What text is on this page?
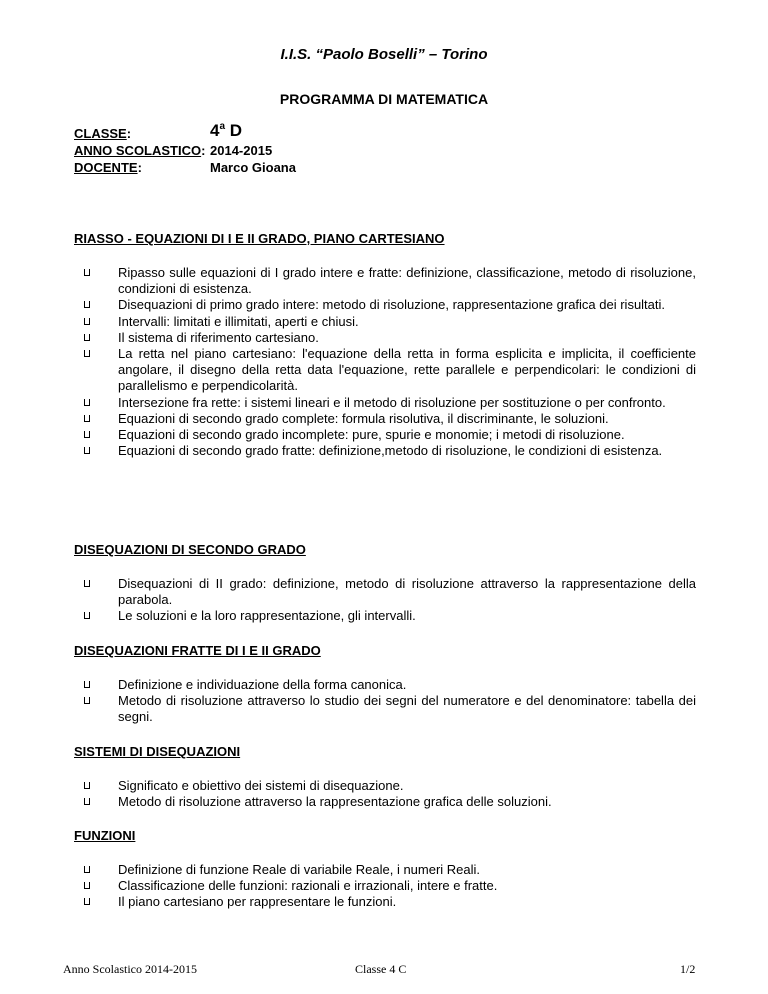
I.I.S. “Paolo Boselli” – Torino
PROGRAMMA DI MATEMATICA
CLASSE:	4$^a$ D
ANNO SCOLASTICO: 2014-2015
DOCENTE:	Marco Gioana
RIASSO - EQUAZIONI DI I E II GRADO, PIANO CARTESIANO
Ripasso sulle equazioni di I grado intere e fratte: definizione, classificazione, metodo di risoluzione, condizioni di esistenza.
Disequazioni di primo grado intere: metodo di risoluzione, rappresentazione grafica dei risultati.
Intervalli: limitati e illimitati, aperti e chiusi.
Il sistema di riferimento cartesiano.
La retta nel piano cartesiano: l'equazione della retta in forma esplicita e implicita, il coefficiente angolare, il disegno della retta data l'equazione, rette parallele e perpendicolari: le condizioni di parallelismo e perpendicolarità.
Intersezione fra rette: i sistemi lineari e il metodo di risoluzione per sostituzione o per confronto.
Equazioni di secondo grado complete: formula risolutiva, il discriminante, le soluzioni.
Equazioni di secondo grado incomplete: pure, spurie e monomie; i metodi di risoluzione.
Equazioni di secondo grado fratte: definizione,metodo di risoluzione, le condizioni di esistenza.
DISEQUAZIONI DI SECONDO GRADO
Disequazioni di II grado: definizione, metodo di risoluzione attraverso la rappresentazione della parabola.
Le soluzioni e la loro rappresentazione, gli intervalli.
DISEQUAZIONI FRATTE DI I E II GRADO
Definizione e individuazione della forma canonica.
Metodo di risoluzione attraverso lo studio dei segni del numeratore e del denominatore: tabella dei segni.
SISTEMI DI DISEQUAZIONI
Significato e obiettivo dei sistemi di disequazione.
Metodo di risoluzione attraverso la rappresentazione grafica delle soluzioni.
FUNZIONI
Definizione di funzione Reale di variabile Reale, i numeri Reali.
Classificazione delle funzioni: razionali e irrazionali, intere e fratte.
Il piano cartesiano per rappresentare le funzioni.
Anno Scolastico 2014-2015	Classe 4 C	1/2
